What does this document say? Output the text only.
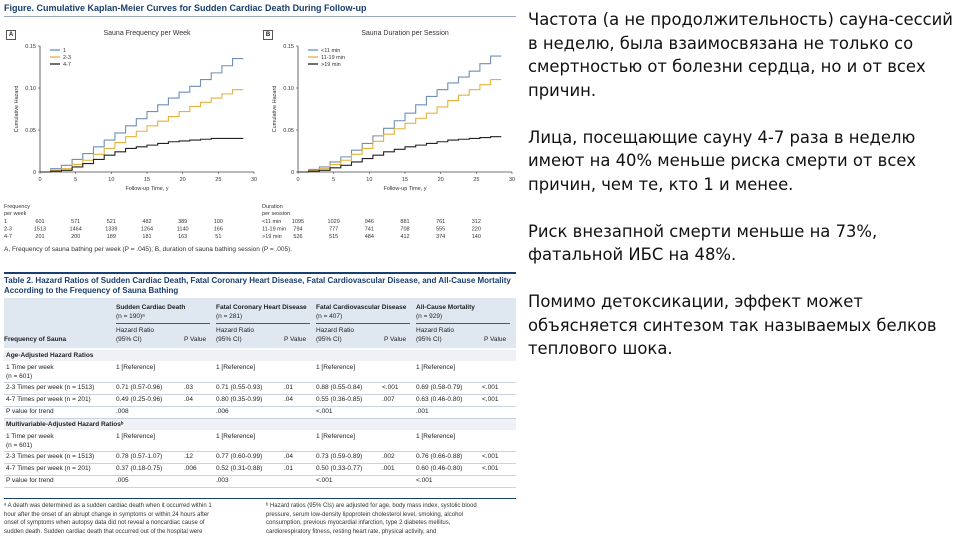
Figure. Cumulative Kaplan-Meier Curves for Sudden Cardiac Death During Follow-up
A	Sauna Frequency per Week
0
0.05
0.10
0.15
0	5	10	15	20	25	30
Follow-up Time, y
Cumulative Hazard
1
2-3
4-7
Frequency
per week
1	601	571	521	482	389	100
2-3	1513	1464	1339	1264	1140	166
4-7	201	200	189	181	163	51
B	Sauna Duration per Session
0
0.05
0.10
0.15
0	5	10	15	20	25	30
Follow-up Time, y
Cumulative Hazard
<11 min
11-19 min
>19 min
Duration
per session
<11 min 1095	1029	946	881	761	312
11-19 min 794	777	741	708	555	220
>19 min 526	515	484	412	374	140
A, Frequency of sauna bathing per week (P = .045); B, duration of sauna bathing session (P = .005).
Table 2. Hazard Ratios of Sudden Cardiac Death, Fatal Coronary Heart Disease, Fatal Cardiovascular Disease, and All-Cause Mortality According to the Frequency of Sauna Bathing
Sudden Cardiac Death
(n = 190)ᵃ
Hazard Ratio
(95% CI)	P Value
Fatal Coronary Heart Disease
(n = 281)
Hazard Ratio
(95% CI)	P Value
Fatal Cardiovascular Disease
(n = 407)
Hazard Ratio
(95% CI)	P Value
All-Cause Mortality
(n = 929)
Hazard Ratio
(95% CI)	P Value
Frequency of Sauna
Age-Adjusted Hazard Ratios
1 Time per week
(n = 601)
1 [Reference]	1 [Reference]	1 [Reference]	1 [Reference]
2-3 Times per week (n = 1513)	0.71 (0.57-0.96)	.03	0.71 (0.55-0.93)	.01	0.88 (0.55-0.84)	<.001	0.69 (0.58-0.79)	<.001
4-7 Times per week (n = 201)	0.49 (0.25-0.96)	.04	0.80 (0.35-0.99)	.04	0.55 (0.36-0.85)	.007	0.63 (0.46-0.80)	<.001
P value for trend	.008	.006	<.001	.001
Multivariable-Adjusted Hazard Ratiosᵇ
1 Time per week
(n = 601)
1 [Reference]	1 [Reference]	1 [Reference]	1 [Reference]
2-3 Times per week (n = 1513)	0.78 (0.57-1.07)	.12	0.77 (0.60-0.99)	.04	0.73 (0.59-0.89)	.002	0.76 (0.66-0.88)	<.001
4-7 Times per week (n = 201)	0.37 (0.18-0.75)	.006	0.52 (0.31-0.88)	.01	0.50 (0.33-0.77)	.001	0.60 (0.46-0.80)	<.001
P value for trend	.005	.003	<.001	<.001
ᵃ A death was determined as a sudden cardiac death when it occurred within 1
hour after the onset of an abrupt change in symptoms or within 24 hours after
onset of symptoms when autopsy data did not reveal a noncardiac cause of
sudden death. Sudden cardiac death that occurred out of the hospital were
ᵇ Hazard ratios (95% CIs) are adjusted for age, body mass index, systolic blood
pressure, serum low-density lipoprotein cholesterol level, smoking, alcohol
consumption, previous myocardial infarction, type 2 diabetes mellitus,
cardiorespiratory fitness, resting heart rate, physical activity, and

Частота (а не продолжительность) сауна-сессий в неделю, была взаимосвязана не только со смертностью от болезни сердца, но и от всех причин.

Лица, посещающие сауну 4-7 раза в неделю имеют на 40% меньше риска смерти от всех причин, чем те, кто 1 и менее.

Риск внезапной смерти меньше на 73%, фатальной ИБС на 48%.

Помимо детоксикации, эффект может объясняется синтезом так называемых белков теплового шока.
